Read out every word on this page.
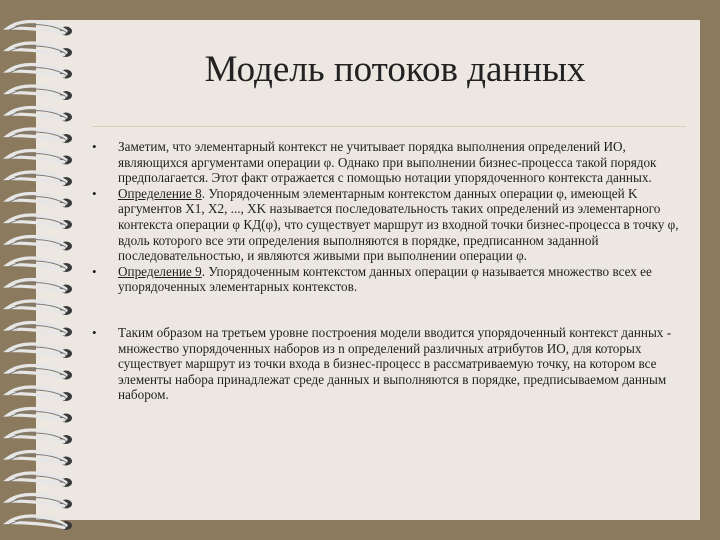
Модель потоков данных
• Заметим, что элементарный контекст не учитывает порядка выполнения определений ИО, являющихся аргументами операции φ. Однако при выполнении бизнес-процесса такой порядок предполагается. Этот факт отражается с помощью нотации упорядоченного контекста данных.
• Определение 8. Упорядоченным элементарным контекстом данных операции φ, имеющей K аргументов X1, X2, ..., XK называется последовательность таких определений из элементарного контекста операции φ КД(φ), что существует маршрут из входной точки бизнес-процесса в точку φ, вдоль которого все эти определения выполняются в порядке, предписанном заданной последовательностью, и являются живыми при выполнении операции φ.
• Определение 9. Упорядоченным контекстом данных операции φ называется множество всех ее упорядоченных элементарных контекстов.
• Таким образом на третьем уровне построения модели вводится упорядоченный контекст данных - множество упорядоченных наборов из n определений различных атрибутов ИО, для которых существует маршрут из точки входа в бизнес-процесс в рассматриваемую точку, на котором все элементы набора принадлежат среде данных и выполняются в порядке, предписываемом данным набором.
